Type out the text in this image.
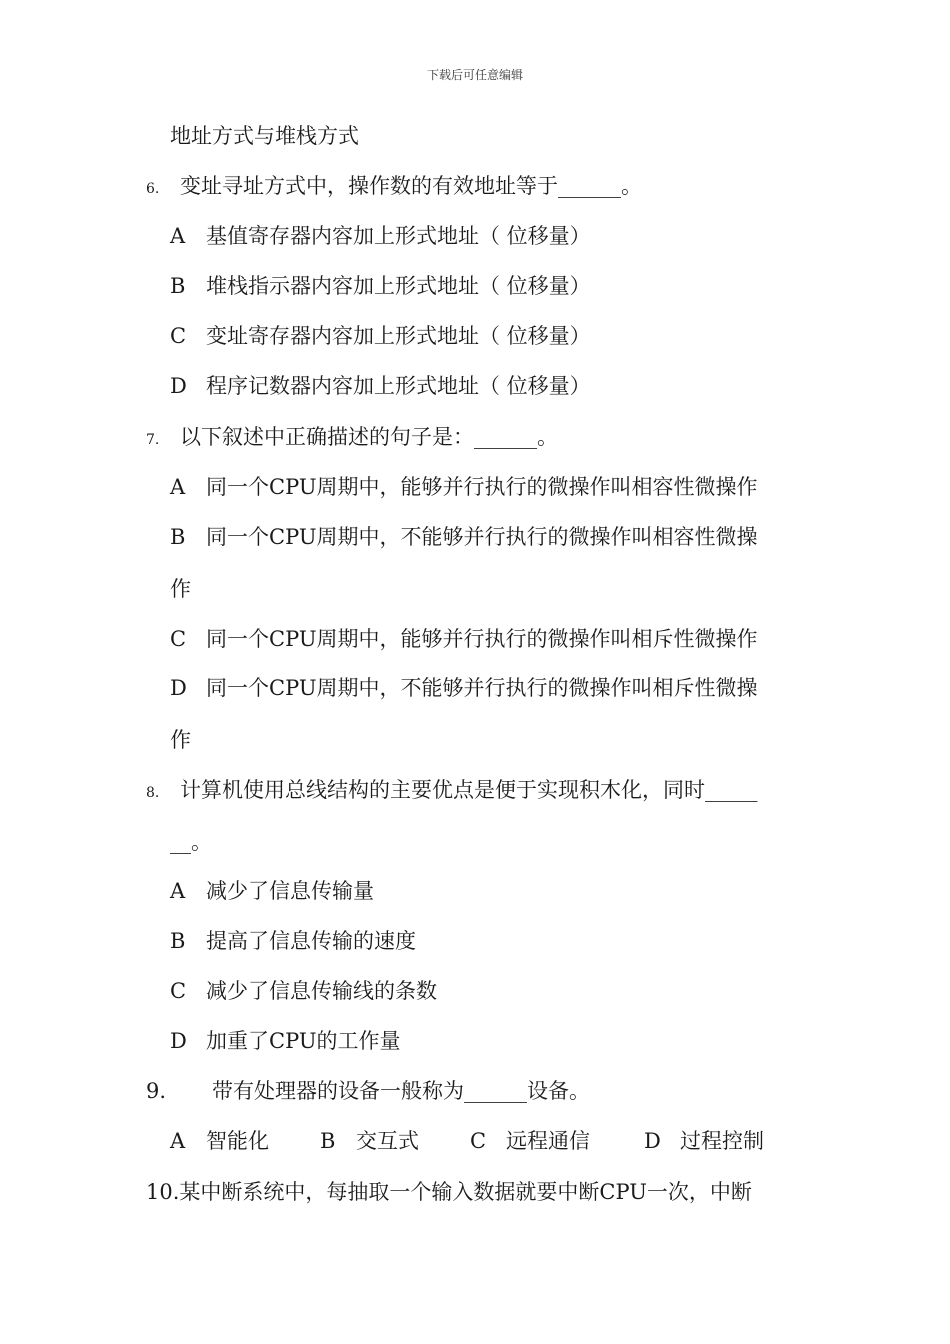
下载后可任意编辑
地址方式与堆栈方式
6. 变址寻址方式中，操作数的有效地址等于______。
A 基值寄存器内容加上形式地址（ 位移量）
B 堆栈指示器内容加上形式地址（ 位移量）
C 变址寄存器内容加上形式地址（ 位移量）
D 程序记数器内容加上形式地址（ 位移量）
7. 以下叙述中正确描述的句子是：______。
A 同一个CPU周期中，能够并行执行的微操作叫相容性微操作
B 同一个CPU周期中，不能够并行执行的微操作叫相容性微操
作
C 同一个CPU周期中，能够并行执行的微操作叫相斥性微操作
D 同一个CPU周期中，不能够并行执行的微操作叫相斥性微操
作
8. 计算机使用总线结构的主要优点是便于实现积木化，同时_____
__。
A 减少了信息传输量
B 提高了信息传输的速度
C 减少了信息传输线的条数
D 加重了CPU的工作量
9. 带有处理器的设备一般称为______设备。
A 智能化 B 交互式 C 远程通信	D 过程控制
10.某中断系统中，每抽取一个输入数据就要中断CPU一次，中断
